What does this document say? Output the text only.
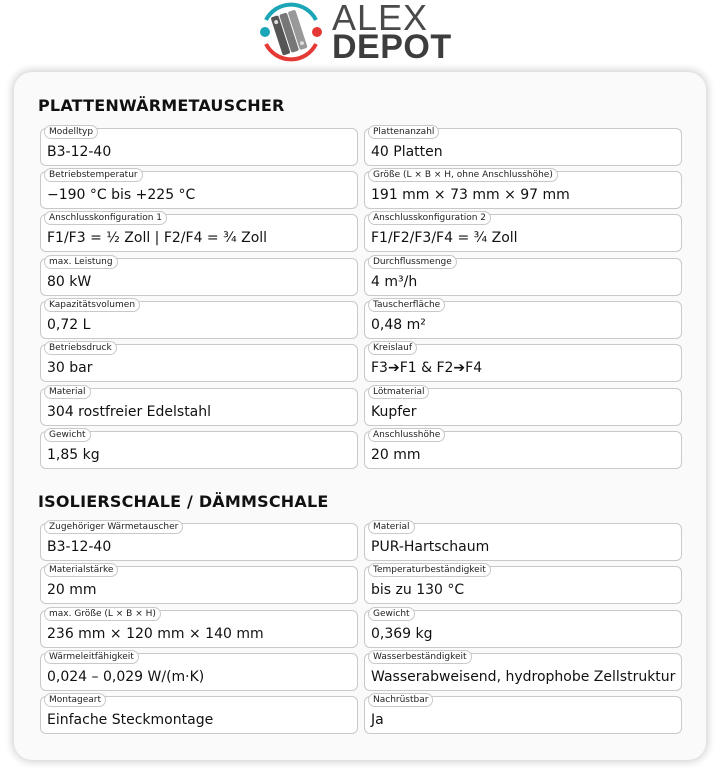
ALEX
DEPOT
PLATTENWÄRMETAUSCHER
Modelltyp
B3-12-40
Plattenanzahl
40 Platten
Betriebstemperatur
−190 °C bis +225 °C
Größe (L × B × H, ohne Anschlusshöhe)
191 mm × 73 mm × 97 mm
Anschlusskonfiguration 1
F1/F3 = ½ Zoll | F2/F4 = ¾ Zoll
Anschlusskonfiguration 2
F1/F2/F3/F4 = ¾ Zoll
max. Leistung
80 kW
Durchflussmenge
4 m³/h
Kapazitätsvolumen
0,72 L
Tauscherfläche
0,48 m²
Betriebsdruck
30 bar
Kreislauf
F3➔F1 & F2➔F4
Material
304 rostfreier Edelstahl
Lötmaterial
Kupfer
Gewicht
1,85 kg
Anschlusshöhe
20 mm
ISOLIERSCHALE / DÄMMSCHALE
Zugehöriger Wärmetauscher
B3-12-40
Material
PUR-Hartschaum
Materialstärke
20 mm
Temperaturbeständigkeit
bis zu 130 °C
max. Größe (L × B × H)
236 mm × 120 mm × 140 mm
Gewicht
0,369 kg
Wärmeleitfähigkeit
0,024 – 0,029 W/(m·K)
Wasserbeständigkeit
Wasserabweisend, hydrophobe Zellstruktur
Montageart
Einfache Steckmontage
Nachrüstbar
Ja
